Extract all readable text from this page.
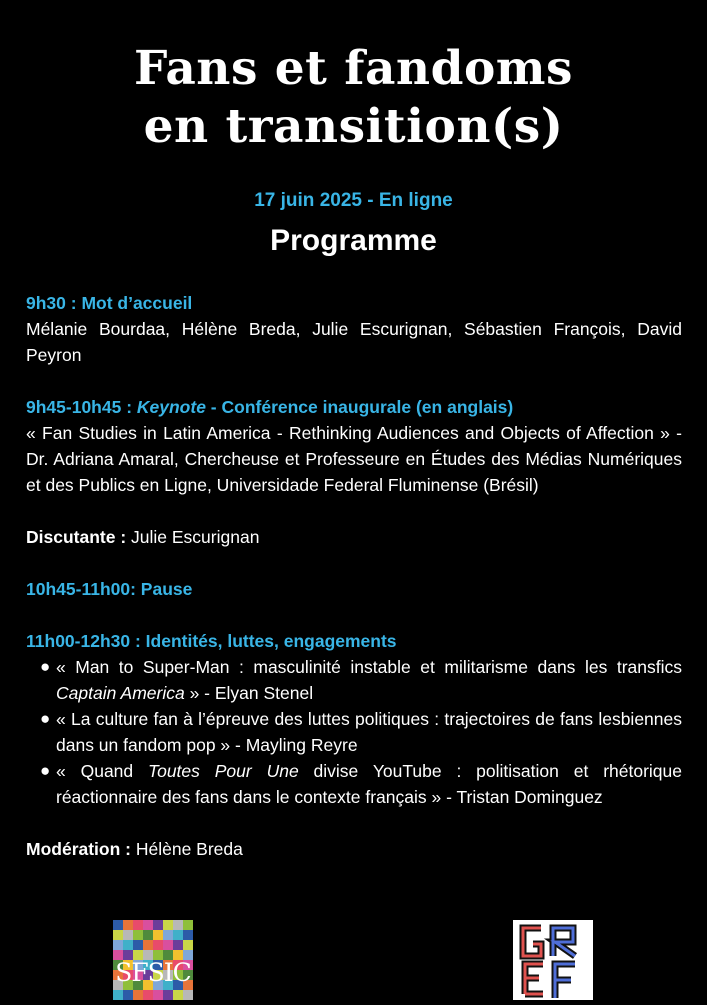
Fans et fandoms
en transition(s)
17 juin 2025 - En ligne
Programme
9h30 : Mot d’accueil
Mélanie Bourdaa, Hélène Breda, Julie Escurignan, Sébastien François, David Peyron
9h45-10h45 : Keynote - Conférence inaugurale (en anglais)
« Fan Studies in Latin America - Rethinking Audiences and Objects of Affection » - Dr. Adriana Amaral, Chercheuse et Professeure en Études des Médias Numériques et des Publics en Ligne, Universidade Federal Fluminense (Brésil)
Discutante : Julie Escurignan
10h45-11h00: Pause
11h00-12h30 : Identités, luttes, engagements
● « Man to Super-Man : masculinité instable et militarisme dans les transfics Captain America » - Elyan Stenel
● « La culture fan à l’épreuve des luttes politiques : trajectoires de fans lesbiennes dans un fandom pop » - Mayling Reyre
● « Quand Toutes Pour Une divise YouTube : politisation et rhétorique réactionnaire des fans dans le contexte français » - Tristan Dominguez
Modération : Hélène Breda
SFSIC
